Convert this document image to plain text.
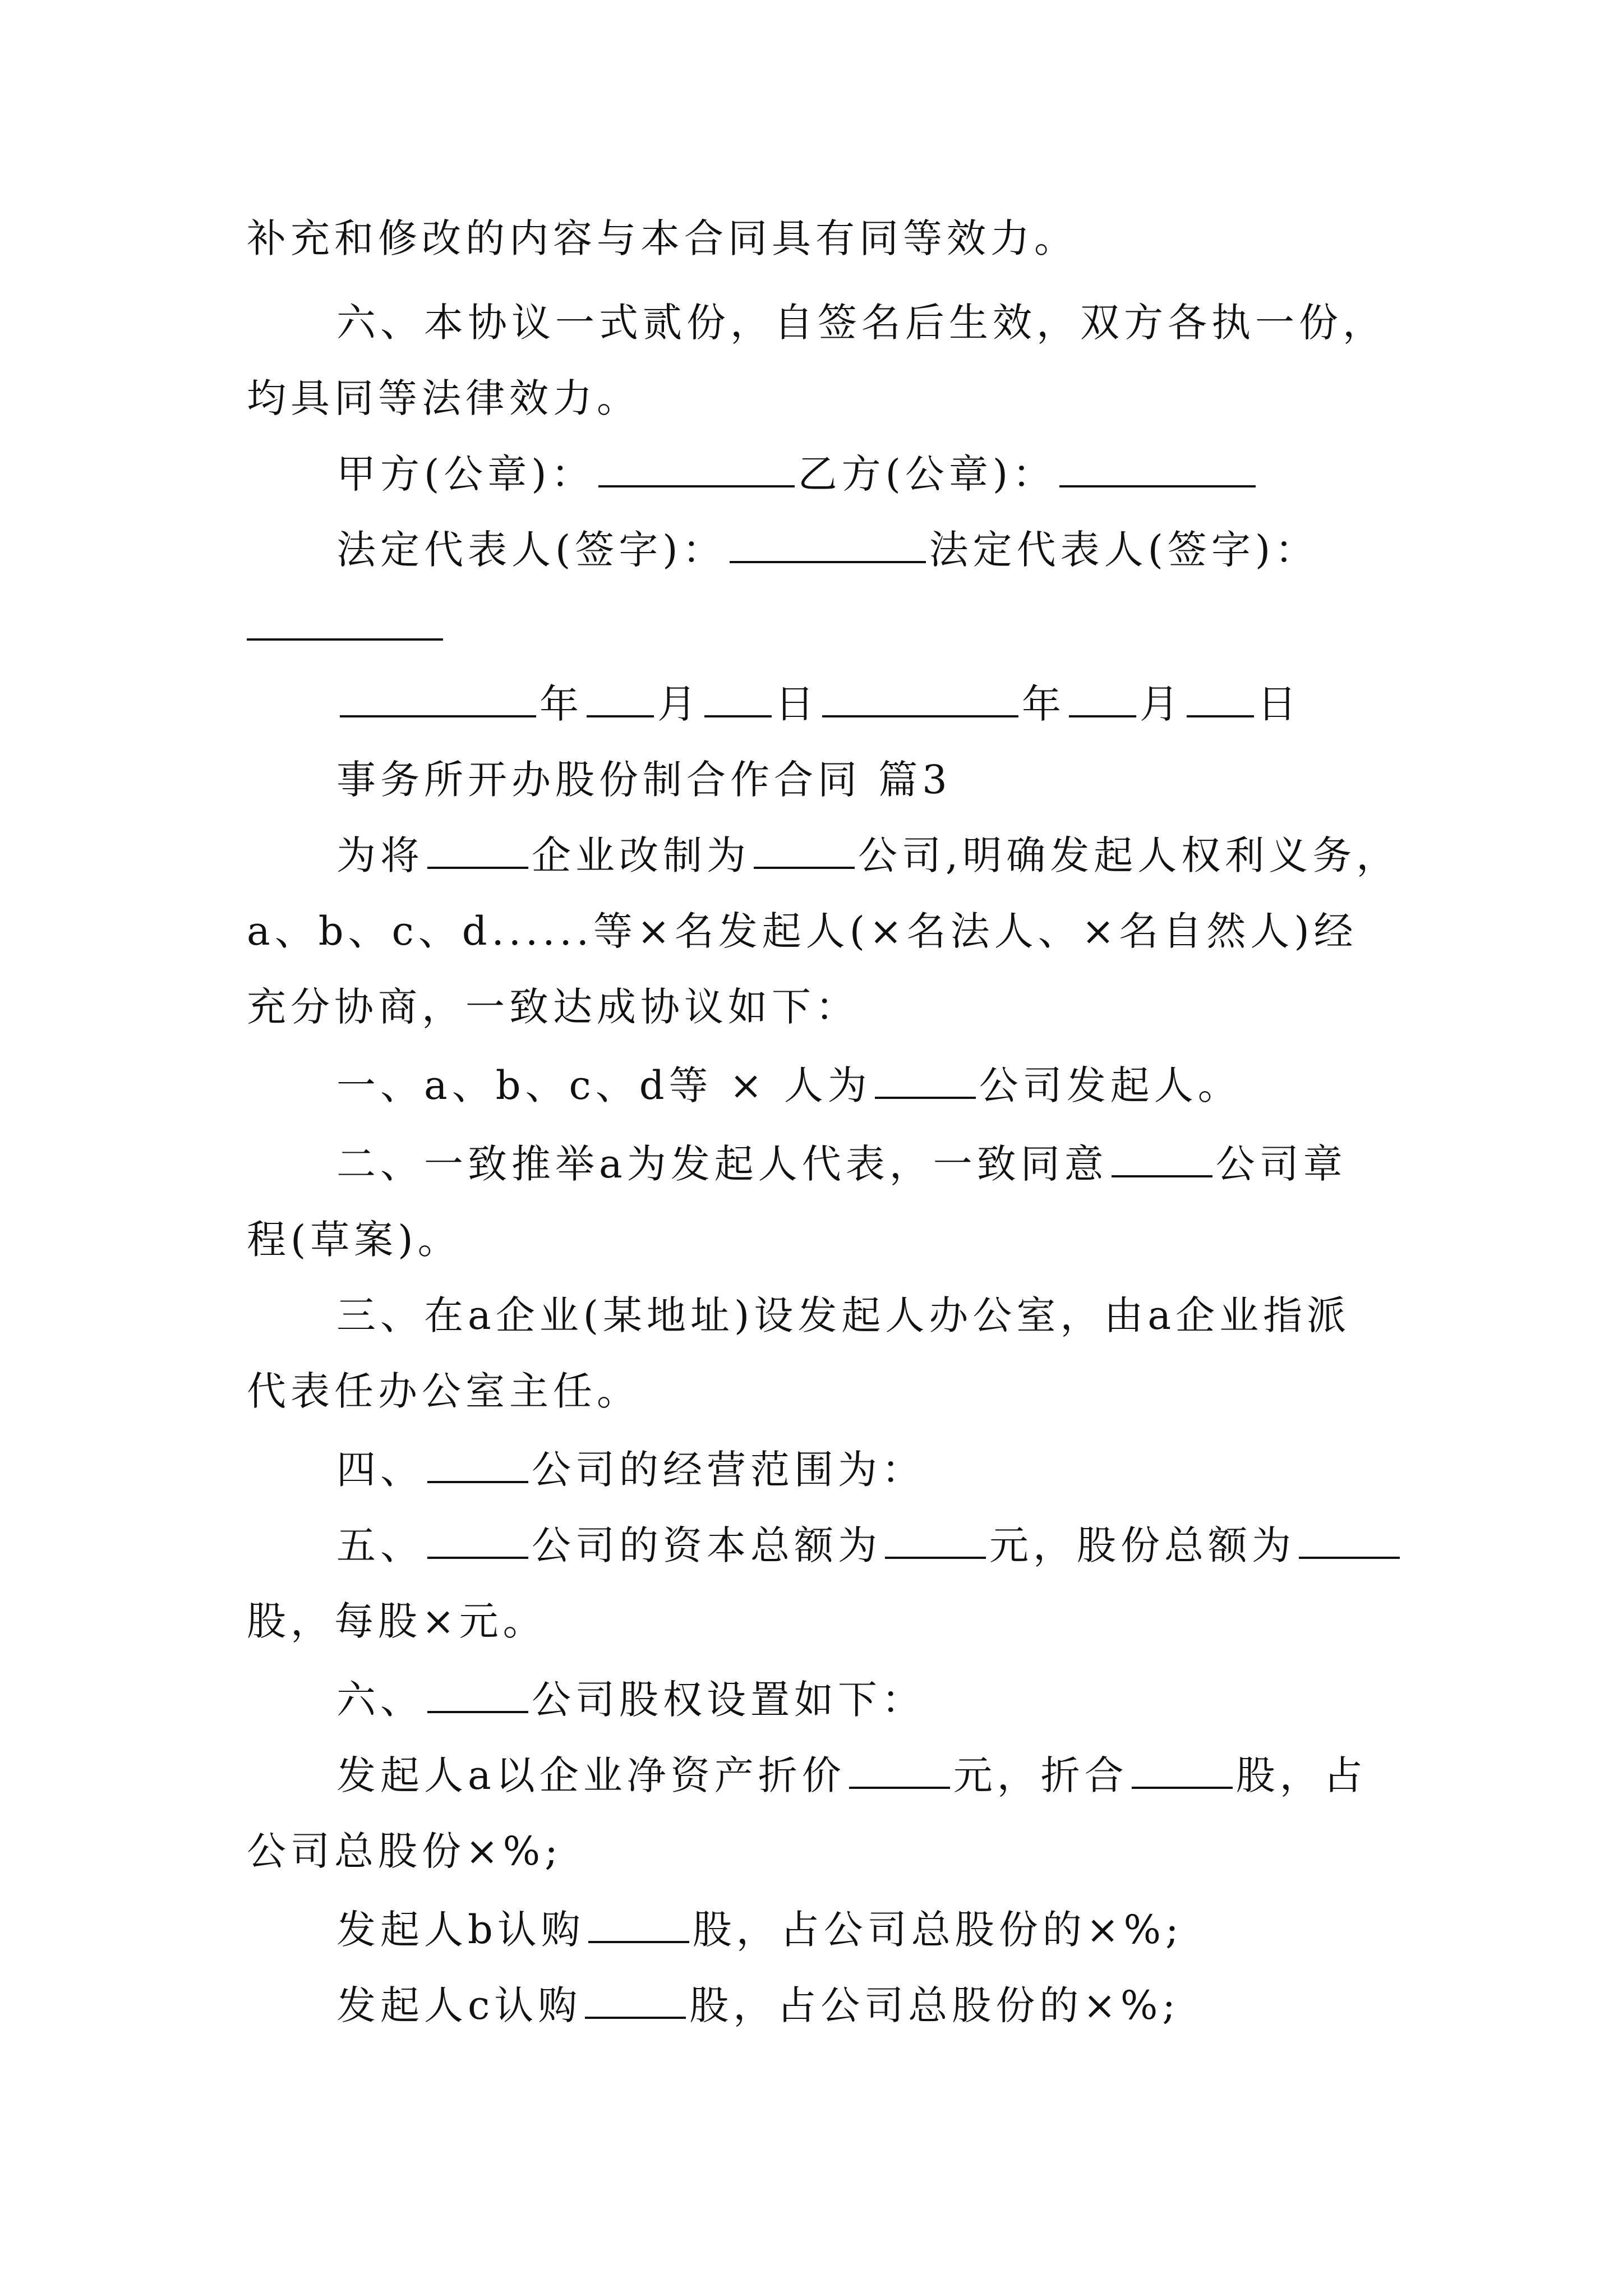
补充和修改的内容与本合同具有同等效力。
六、本协议一式贰份，自签名后生效，双方各执一份，
均具同等法律效力。
甲方(公章)：	乙方(公章)：
法定代表人(签字)：	法定代表人(签字)：
年 月 日	年 月 日
事务所开办股份制合作合同 篇3
为将	企业改制为	公司,明确发起人权利义务，
a、b、c、d......等×名发起人(×名法人、×名自然人)经
充分协商，一致达成协议如下：
一、a、b、c、d等 × 人为	公司发起人。
二、一致推举a为发起人代表，一致同意	公司章
程(草案)。
三、在a企业(某地址)设发起人办公室，由a企业指派
代表任办公室主任。
四、	公司的经营范围为：
五、	公司的资本总额为	元，股份总额为
股，每股×元。
六、	公司股权设置如下：
发起人a以企业净资产折价	元，折合	股，占
公司总股份×%;
发起人b认购	股，占公司总股份的×%;
发起人c认购	股，占公司总股份的×%;
